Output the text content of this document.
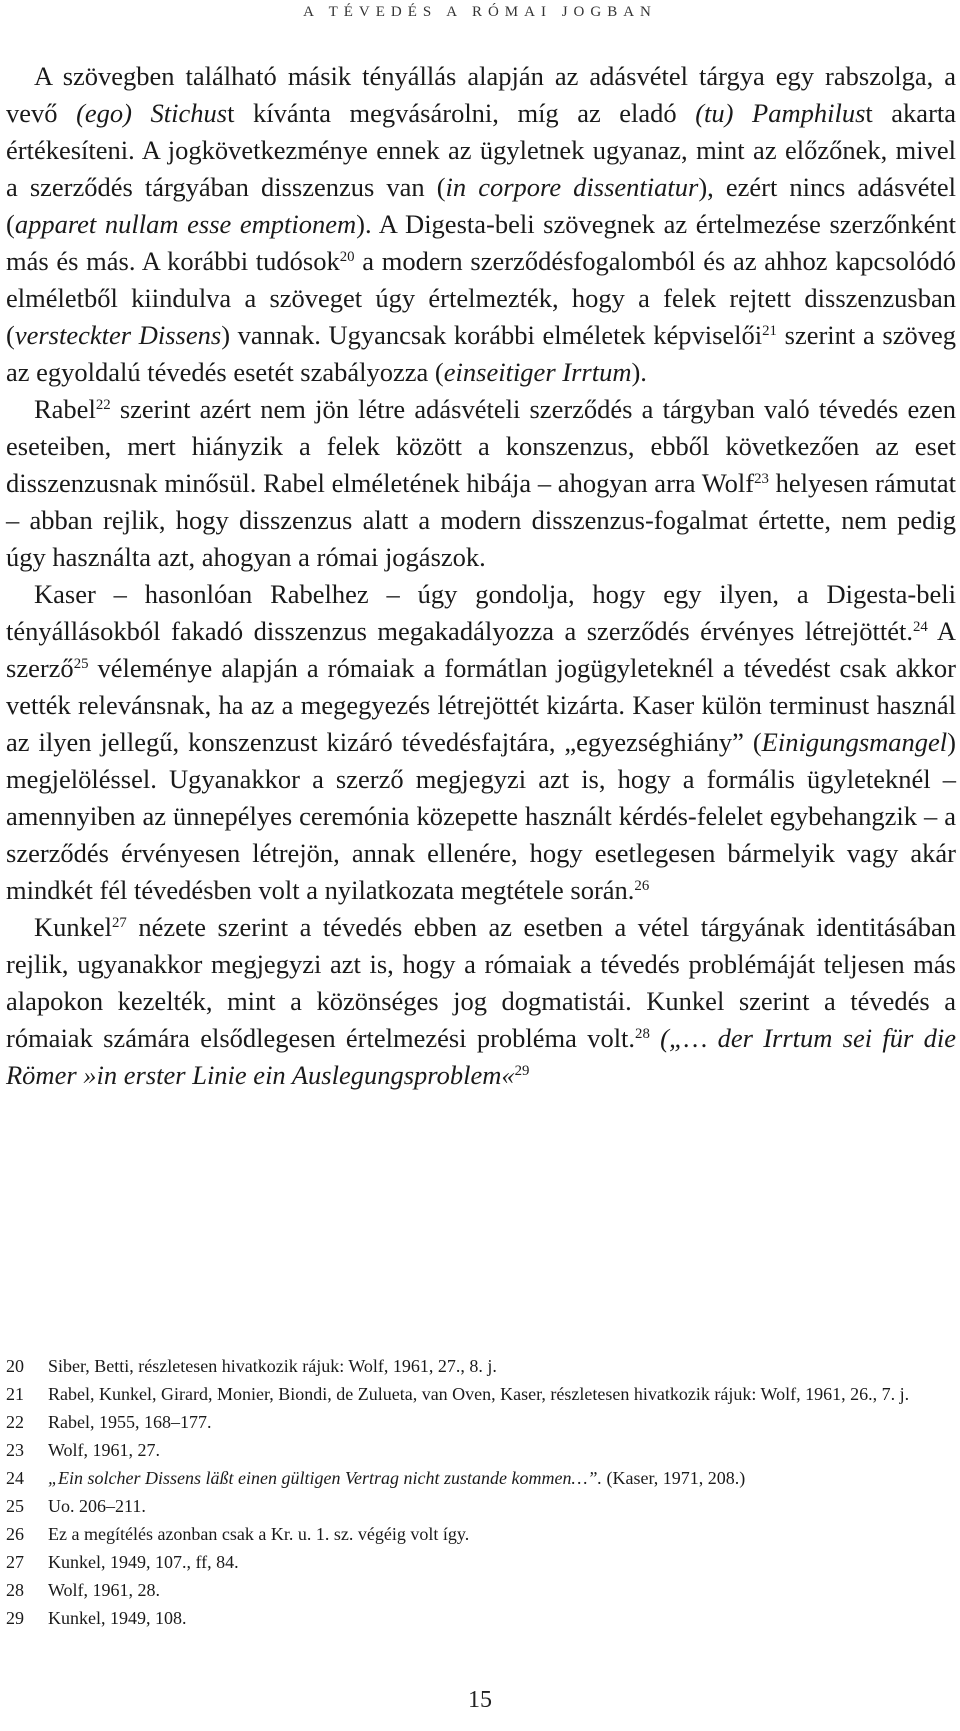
A TÉVEDÉS A RÓMAI JOGBAN

A szövegben található másik tényállás alapján az adásvétel tárgya egy rabszolga, a vevő (ego) Stichust kívánta megvásárolni, míg az eladó (tu) Pamphilust akarta értékesíteni. A jogkövetkezménye ennek az ügyletnek ugyanaz, mint az előzőnek, mivel a szerződés tárgyában disszenzus van (in corpore dissentiatur), ezért nincs adásvétel (apparet nullam esse emptionem). A Digesta-beli szövegnek az értelmezése szerzőnként más és más. A korábbi tudósok$^{20}$ a modern szerződésfogalomból és az ahhoz kapcsolódó elméletből kiindulva a szöveget úgy értelmezték, hogy a felek rejtett disszenzusban (versteckter Dissens) vannak. Ugyancsak korábbi elméletek képviselői$^{21}$ szerint a szöveg az egyoldalú tévedés esetét szabályozza (einseitiger Irrtum).

Rabel$^{22}$ szerint azért nem jön létre adásvételi szerződés a tárgyban való tévedés ezen eseteiben, mert hiányzik a felek között a konszenzus, ebből következően az eset disszenzusnak minősül. Rabel elméletének hibája – ahogyan arra Wolf$^{23}$ helyesen rámutat – abban rejlik, hogy disszenzus alatt a modern disszenzus-fogalmat értette, nem pedig úgy használta azt, ahogyan a római jogászok.

Kaser – hasonlóan Rabelhez – úgy gondolja, hogy egy ilyen, a Digesta-beli tényállásokból fakadó disszenzus megakadályozza a szerződés érvényes létrejöttét.$^{24}$ A szerző$^{25}$ véleménye alapján a rómaiak a formátlan jogügyleteknél a tévedést csak akkor vették relevánsnak, ha az a megegyezés létrejöttét kizárta. Kaser külön terminust használ az ilyen jellegű, konszenzust kizáró tévedésfajtára, „egyezséghiány” (Einigungsmangel) megjelöléssel. Ugyanakkor a szerző megjegyzi azt is, hogy a formális ügyleteknél – amennyiben az ünnepélyes ceremónia közepette használt kérdés-felelet egybehangzik – a szerződés érvényesen létrejön, annak ellenére, hogy esetlegesen bármelyik vagy akár mindkét fél tévedésben volt a nyilatkozata megtétele során.$^{26}$

Kunkel$^{27}$ nézete szerint a tévedés ebben az esetben a vétel tárgyának identitásában rejlik, ugyanakkor megjegyzi azt is, hogy a rómaiak a tévedés problémáját teljesen más alapokon kezelték, mint a közönséges jog dogmatistái. Kunkel szerint a tévedés a rómaiak számára elsődlegesen értelmezési probléma volt.$^{28}$ („… der Irrtum sei für die Römer »in erster Linie ein Auslegungsproblem«$^{29}$

20	Siber, Betti, részletesen hivatkozik rájuk: Wolf, 1961, 27., 8. j.
21	Rabel, Kunkel, Girard, Monier, Biondi, de Zulueta, van Oven, Kaser, részletesen hivatkozik rájuk: Wolf, 1961, 26., 7. j.
22	Rabel, 1955, 168–177.
23	Wolf, 1961, 27.
24	„Ein solcher Dissens läßt einen gültigen Vertrag nicht zustande kommen…”. (Kaser, 1971, 208.)
25	Uo. 206–211.
26	Ez a megítélés azonban csak a Kr. u. 1. sz. végéig volt így.
27	Kunkel, 1949, 107., ff, 84.
28	Wolf, 1961, 28.
29	Kunkel, 1949, 108.
15
